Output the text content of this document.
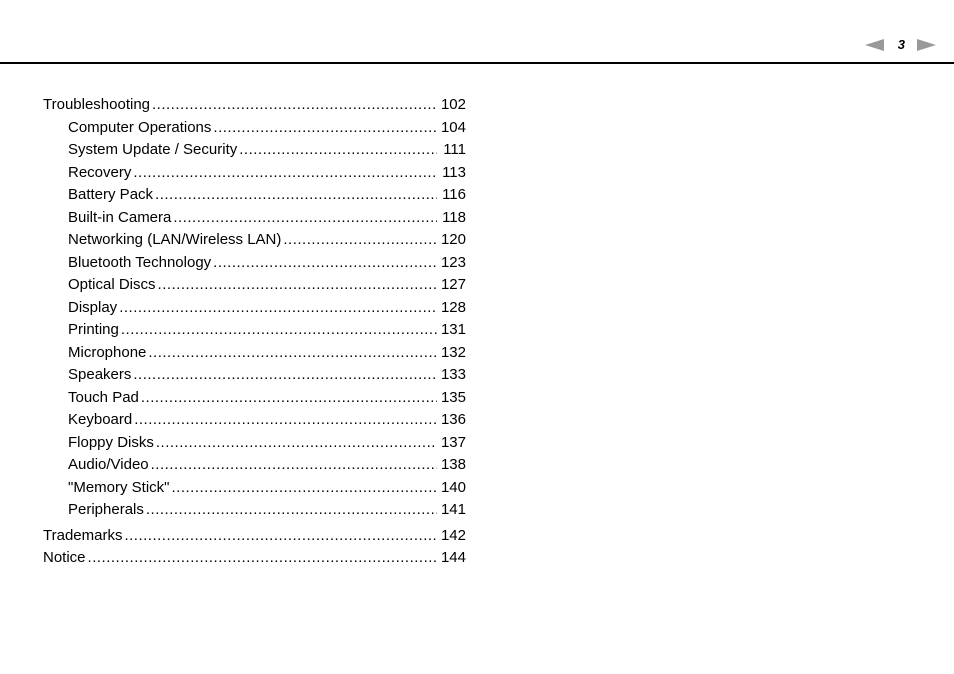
3
Troubleshooting .....	102
Computer Operations .....	104
System Update / Security .....	111
Recovery .....	113
Battery Pack .....	116
Built-in Camera .....	118
Networking (LAN/Wireless LAN) .....	120
Bluetooth Technology .....	123
Optical Discs .....	127
Display .....	128
Printing .....	131
Microphone .....	132
Speakers .....	133
Touch Pad .....	135
Keyboard .....	136
Floppy Disks .....	137
Audio/Video .....	138
"Memory Stick" .....	140
Peripherals .....	141
Trademarks .....	142
Notice .....	144
